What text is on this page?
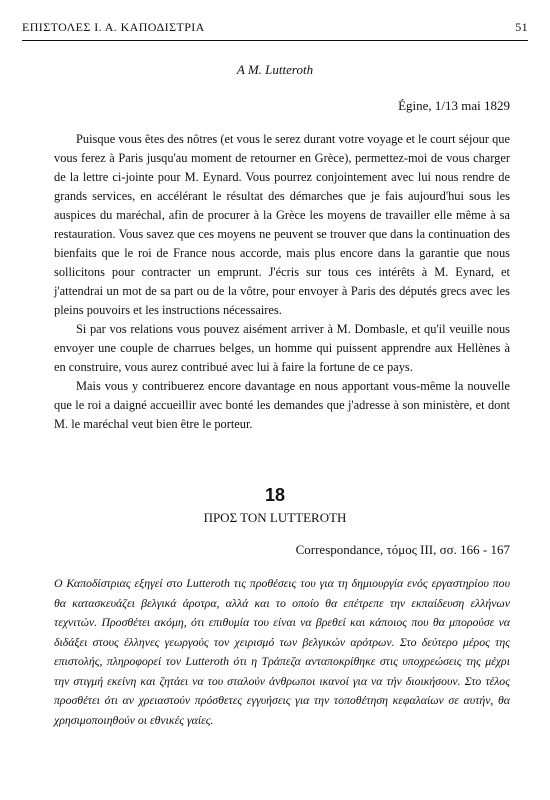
ΕΠΙΣΤΟΛΕΣ Ι. Α. ΚΑΠΟΔΙΣΤΡΙΑ	51
A M. Lutteroth
Égine, 1/13 mai 1829

Puisque vous êtes des nôtres (et vous le serez durant votre voyage et le court séjour que vous ferez à Paris jusqu'au moment de retourner en Grèce), permettez-moi de vous charger de la lettre ci-jointe pour M. Eynard. Vous pourrez conjointement avec lui nous rendre de grands services, en accélérant le résultat des démarches que je fais aujourd'hui sous les auspices du maréchal, afin de procurer à la Grèce les moyens de travailler elle même à sa restauration. Vous savez que ces moyens ne peuvent se trouver que dans la continuation des bienfaits que le roi de France nous accorde, mais plus encore dans la garantie que nous sollicitons pour contracter un emprunt. J'écris sur tous ces intérêts à M. Eynard, et j'attendrai un mot de sa part ou de la vôtre, pour envoyer à Paris des députés grecs avec les pleins pouvoirs et les instructions nécessaires.

Si par vos relations vous pouvez aisément arriver à M. Dombasle, et qu'il veuille nous envoyer une couple de charrues belges, un homme qui puissent apprendre aux Hellènes à en construire, vous aurez contribué avec lui à faire la fortune de ce pays.

Mais vous y contribuerez encore davantage en nous apportant vous-même la nouvelle que le roi a daigné accueillir avec bonté les demandes que j'adresse à son ministère, et dont M. le maréchal veut bien être le porteur.

18
ΠΡΟΣ ΤΟΝ LUTTEROTH
Correspondance, τόμος III, σσ. 166 - 167

Ο Καποδίστριας εξηγεί στο Lutteroth τις προθέσεις του για τη δημιουργία ενός εργαστηρίου που θα κατασκευάζει βελγικά άροτρα, αλλά και το οποίο θα επέτρεπε την εκπαίδευση ελλήνων τεχνιτών. Προσθέτει ακόμη, ότι επιθυμία του είναι να βρεθεί και κάποιος που θα μπορούσε να διδάξει στους έλληνες γεωργούς τον χειρισμό των βελγικών αρότρων. Στο δεύτερο μέρος της επιστολής, πληροφορεί τον Lutteroth ότι η Τράπεζα ανταποκρίθηκε στις υποχρεώσεις της μέχρι την στιγμή εκείνη και ζητάει να του σταλούν άνθρωποι ικανοί για να τήν διοικήσουν. Στο τέλος προσθέτει ότι αν χρειαστούν πρόσθετες εγγυήσεις για την τοποθέτηση κεφαλαίων σε αυτήν, θα χρησιμοποιηθούν οι εθνικές γαίες.
